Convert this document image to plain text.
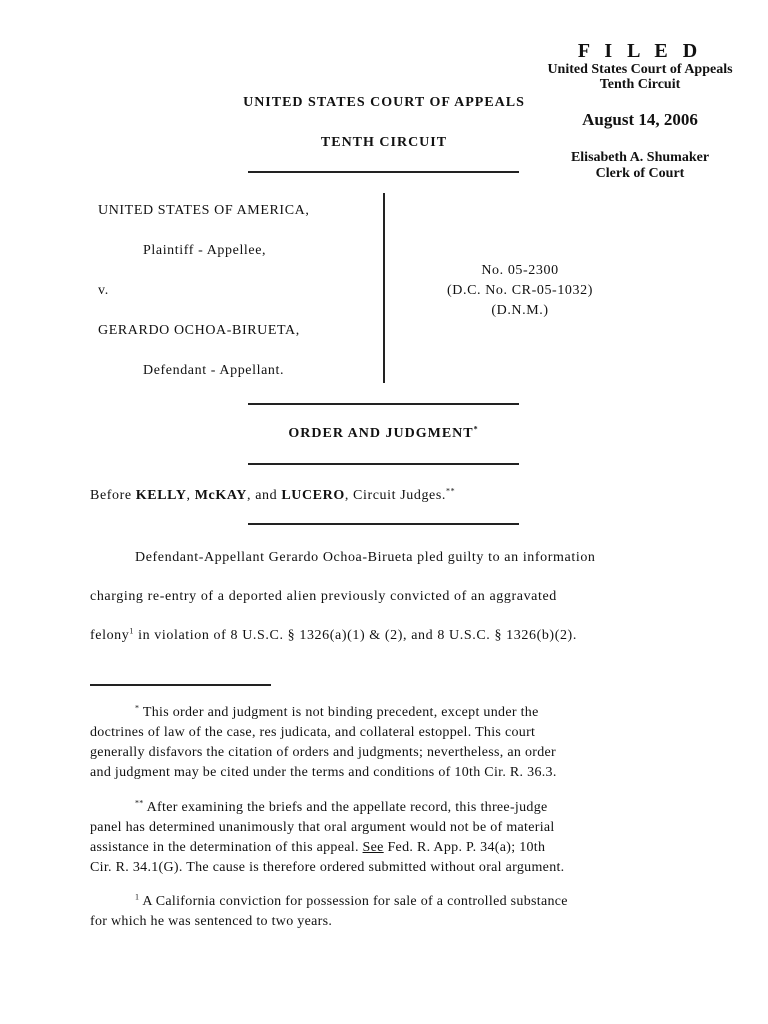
F I L E D
United States Court of Appeals
Tenth Circuit
August 14, 2006
Elisabeth A. Shumaker
Clerk of Court
UNITED STATES COURT OF APPEALS
TENTH CIRCUIT
UNITED STATES OF AMERICA,
Plaintiff - Appellee,
v.
GERARDO OCHOA-BIRUETA,
Defendant - Appellant.
No. 05-2300
(D.C. No. CR-05-1032)
(D.N.M.)
ORDER AND JUDGMENT*
Before KELLY, McKAY, and LUCERO, Circuit Judges.**
Defendant-Appellant Gerardo Ochoa-Birueta pled guilty to an information
charging re-entry of a deported alien previously convicted of an aggravated
felony$^1$ in violation of 8 U.S.C. § 1326(a)(1) & (2), and 8 U.S.C. § 1326(b)(2).
* This order and judgment is not binding precedent, except under the
doctrines of law of the case, res judicata, and collateral estoppel. This court
generally disfavors the citation of orders and judgments; nevertheless, an order
and judgment may be cited under the terms and conditions of 10th Cir. R. 36.3.
** After examining the briefs and the appellate record, this three-judge
panel has determined unanimously that oral argument would not be of material
assistance in the determination of this appeal. See Fed. R. App. P. 34(a); 10th
Cir. R. 34.1(G). The cause is therefore ordered submitted without oral argument.
$^1$ A California conviction for possession for sale of a controlled substance
for which he was sentenced to two years.
